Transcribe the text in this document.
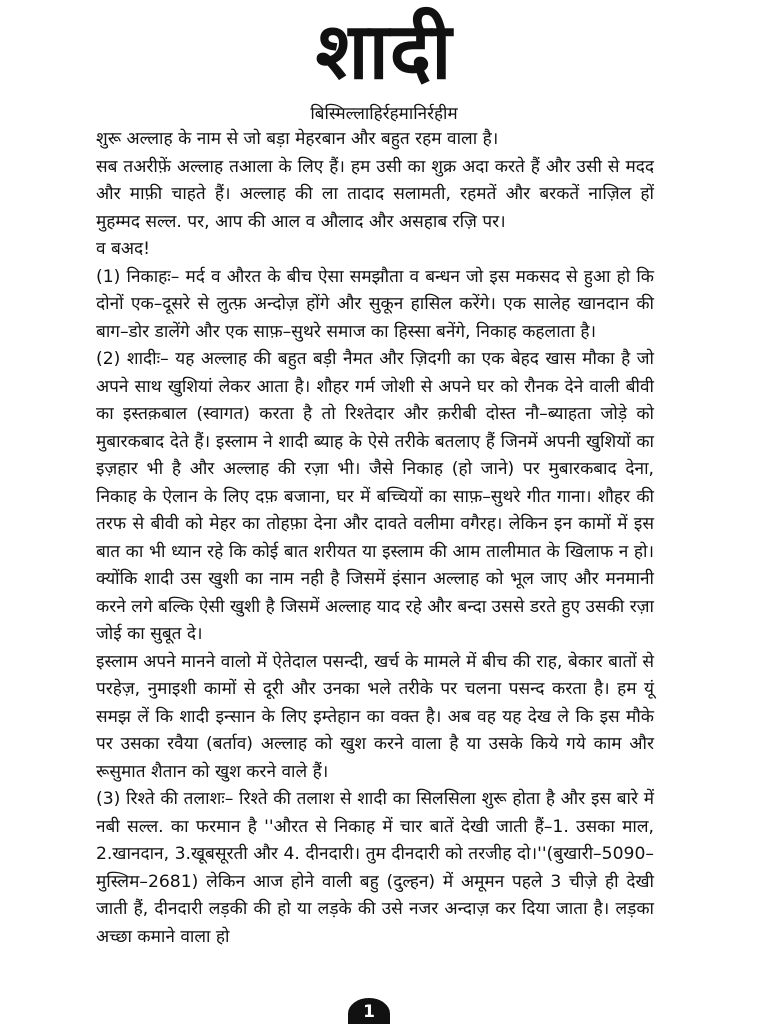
शादी
बिस्मिल्लाहिर्रहमानिर्रहीम

शुरू अल्लाह के नाम से जो बड़ा मेहरबान और बहुत रहम वाला है।

सब तअरीफ़ें अल्लाह तआला के लिए हैं। हम उसी का शुक्र अदा करते हैं और उसी से मदद और माफ़ी चाहते हैं। अल्लाह की ला तादाद सलामती, रहमतें और बरकतें नाज़िल हों मुहम्मद सल्ल. पर, आप की आल व औलाद और असहाब रज़ि पर।

व बअद!

(1) निकाहः– मर्द व औरत के बीच ऐसा समझौता व बन्धन जो इस मकसद से हुआ हो कि दोनों एक–दूसरे से लुत्फ़ अन्दोज़ होंगे और सुकून हासिल करेंगे। एक सालेह खानदान की बाग–डोर डालेंगे और एक साफ़–सुथरे समाज का हिस्सा बनेंगे, निकाह कहलाता है।

(2) शादीः– यह अल्लाह की बहुत बड़ी नैमत और ज़िदगी का एक बेहद खास मौका है जो अपने साथ खुशियां लेकर आता है। शौहर गर्म जोशी से अपने घर को रौनक देने वाली बीवी का इस्तक़बाल (स्वागत) करता है तो रिश्तेदार और क़रीबी दोस्त नौ–ब्याहता जोड़े को मुबारकबाद देते हैं। इस्लाम ने शादी ब्याह के ऐसे तरीके बतलाए हैं जिनमें अपनी खुशियों का इज़हार भी है और अल्लाह की रज़ा भी। जैसे निकाह (हो जाने) पर मुबारकबाद देना, निकाह के ऐलान के लिए दफ़ बजाना, घर में बच्चियों का साफ़–सुथरे गीत गाना। शौहर की तरफ से बीवी को मेहर का तोहफ़ा देना और दावते वलीमा वगैरह। लेकिन इन कामों में इस बात का भी ध्यान रहे कि कोई बात शरीयत या इस्लाम की आम तालीमात के खिलाफ न हो। क्योंकि शादी उस खुशी का नाम नही है जिसमें इंसान अल्लाह को भूल जाए और मनमानी करने लगे बल्कि ऐसी खुशी है जिसमें अल्लाह याद रहे और बन्दा उससे डरते हुए उसकी रज़ा जोई का सुबूत दे।

इस्लाम अपने मानने वालो में ऐतेदाल पसन्दी, खर्च के मामले में बीच की राह, बेकार बातों से परहेज़, नुमाइशी कामों से दूरी और उनका भले तरीके पर चलना पसन्द करता है। हम यूं समझ लें कि शादी इन्सान के लिए इम्तेहान का वक्त है। अब वह यह देख ले कि इस मौके पर उसका रवैया (बर्ताव) अल्लाह को खुश करने वाला है या उसके किये गये काम और रूसुमात शैतान को खुश करने वाले हैं।

(3) रिश्ते की तलाशः– रिश्ते की तलाश से शादी का सिलसिला शुरू होता है और इस बारे में नबी सल्ल. का फरमान है ''औरत से निकाह में चार बातें देखी जाती हैं–1. उसका माल, 2.खानदान, 3.खूबसूरती और 4. दीनदारी। तुम दीनदारी को तरजीह दो।''(बुखारी–5090–मुस्लिम–2681) लेकिन आज होने वाली बहु (दुल्हन) में अमूमन पहले 3 चीजे़ ही देखी जाती हैं, दीनदारी लड़की की हो या लड़के की उसे नजर अन्दाज़ कर दिया जाता है। लड़का अच्छा कमाने वाला हो

1
